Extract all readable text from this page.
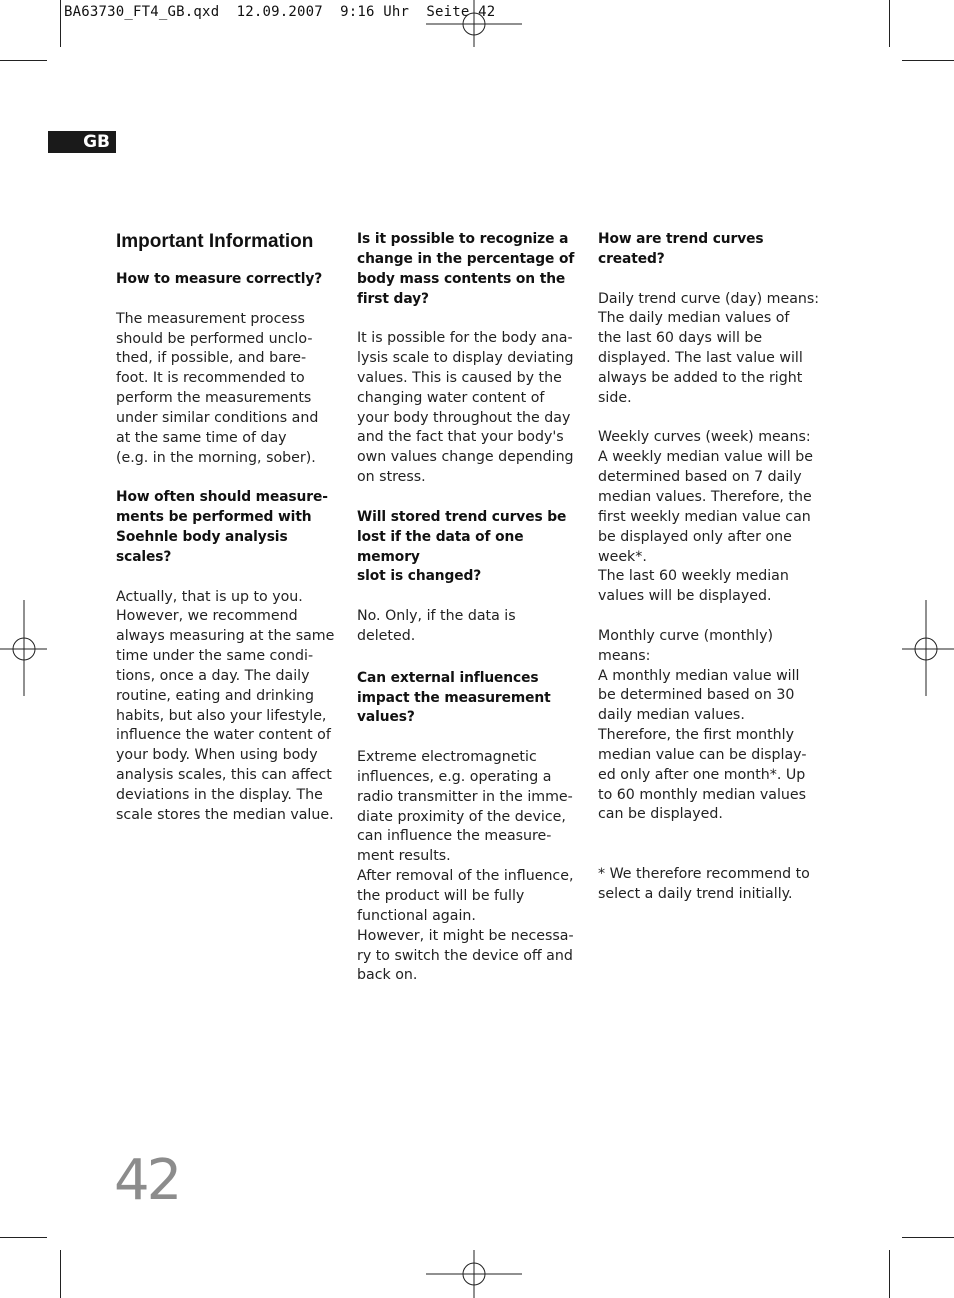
BA63730_FT4_GB.qxd  12.09.2007  9:16 Uhr  Seite 42
GB
Important Information

How to measure correctly?

The measurement process
should be performed unclo-
thed, if possible, and bare-
foot. It is recommended to
perform the measurements
under similar conditions and
at the same time of day
(e.g. in the morning, sober).

How often should measure-
ments be performed with
Soehnle body analysis scales?

Actually, that is up to you.
However, we recommend
always measuring at the same
time under the same condi-
tions, once a day. The daily
routine, eating and drinking
habits, but also your lifestyle,
influence the water content of
your body. When using body
analysis scales, this can affect
deviations in the display. The
scale stores the median value.

Is it possible to recognize a
change in the percentage of
body mass contents on the
first day?

It is possible for the body ana-
lysis scale to display deviating
values. This is caused by the
changing water content of
your body throughout the day
and the fact that your body's
own values change depending
on stress.

Will stored trend curves be
lost if the data of one memory
slot is changed?

No. Only, if the data is
deleted.

Can external influences
impact the measurement
values?

Extreme electromagnetic
influences, e.g. operating a
radio transmitter in the imme-
diate proximity of the device,
can influence the measure-
ment results.
After removal of the influence,
the product will be fully
functional again.
However, it might be necessa-
ry to switch the device off and
back on.

How are trend curves created?

Daily trend curve (day) means:
The daily median values of
the last 60 days will be
displayed. The last value will
always be added to the right
side.

Weekly curves (week) means:
A weekly median value will be
determined based on 7 daily
median values. Therefore, the
first weekly median value can
be displayed only after one
week*.
The last 60 weekly median
values will be displayed.

Monthly curve (monthly)
means:
A monthly median value will
be determined based on 30
daily median values.
Therefore, the first monthly
median value can be display-
ed only after one month*. Up
to 60 monthly median values
can be displayed.

* We therefore recommend to
select a daily trend initially.

42
